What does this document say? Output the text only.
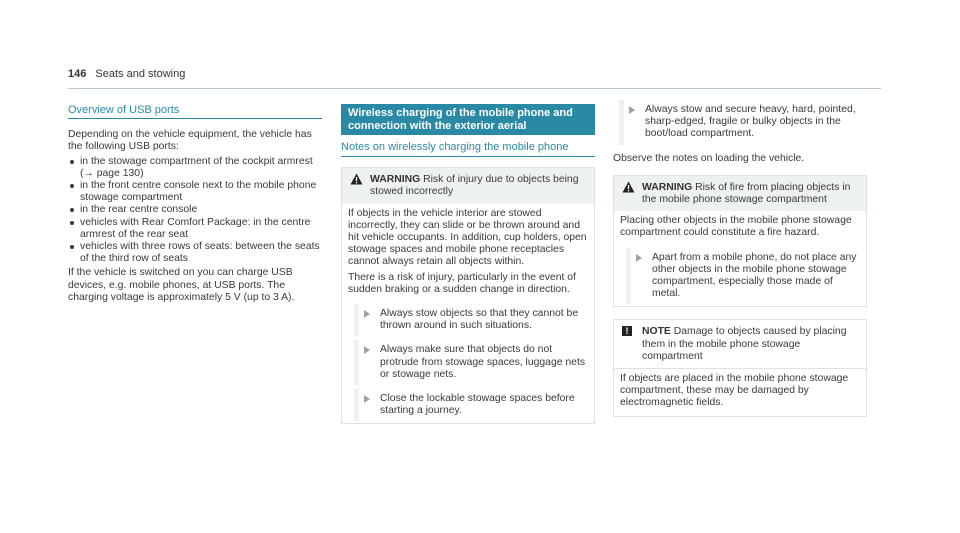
146 Seats and stowing
Overview of USB ports

Depending on the vehicle equipment, the vehicle has the following USB ports:

in the stowage compartment of the cockpit armrest (→ page 130)
in the front centre console next to the mobile phone stowage compartment
in the rear centre console
vehicles with Rear Comfort Package: in the centre armrest of the rear seat
vehicles with three rows of seats: between the seats of the third row of seats

If the vehicle is switched on you can charge USB devices, e.g. mobile phones, at USB ports. The charging voltage is approximately 5 V (up to 3 A).

Wireless charging of the mobile phone and connection with the exterior aerial
Notes on wirelessly charging the mobile phone
WARNING Risk of injury due to objects being stowed incorrectly

If objects in the vehicle interior are stowed incorrectly, they can slide or be thrown around and hit vehicle occupants. In addition, cup holders, open stowage spaces and mobile phone receptacles cannot always retain all objects within.

There is a risk of injury, particularly in the event of sudden braking or a sudden change in direction.

Always stow objects so that they cannot be thrown around in such situations.
Always make sure that objects do not protrude from stowage spaces, luggage nets or stowage nets.
Close the lockable stowage spaces before starting a journey.
Always stow and secure heavy, hard, pointed, sharp-edged, fragile or bulky objects in the boot/load compartment.

Observe the notes on loading the vehicle.

WARNING Risk of fire from placing objects in the mobile phone stowage compartment

Placing other objects in the mobile phone stowage compartment could constitute a fire hazard.

Apart from a mobile phone, do not place any other objects in the mobile phone stowage compartment, especially those made of metal.
!	NOTE Damage to objects caused by placing them in the mobile phone stowage compartment

If objects are placed in the mobile phone stowage compartment, these may be damaged by electromagnetic fields.
